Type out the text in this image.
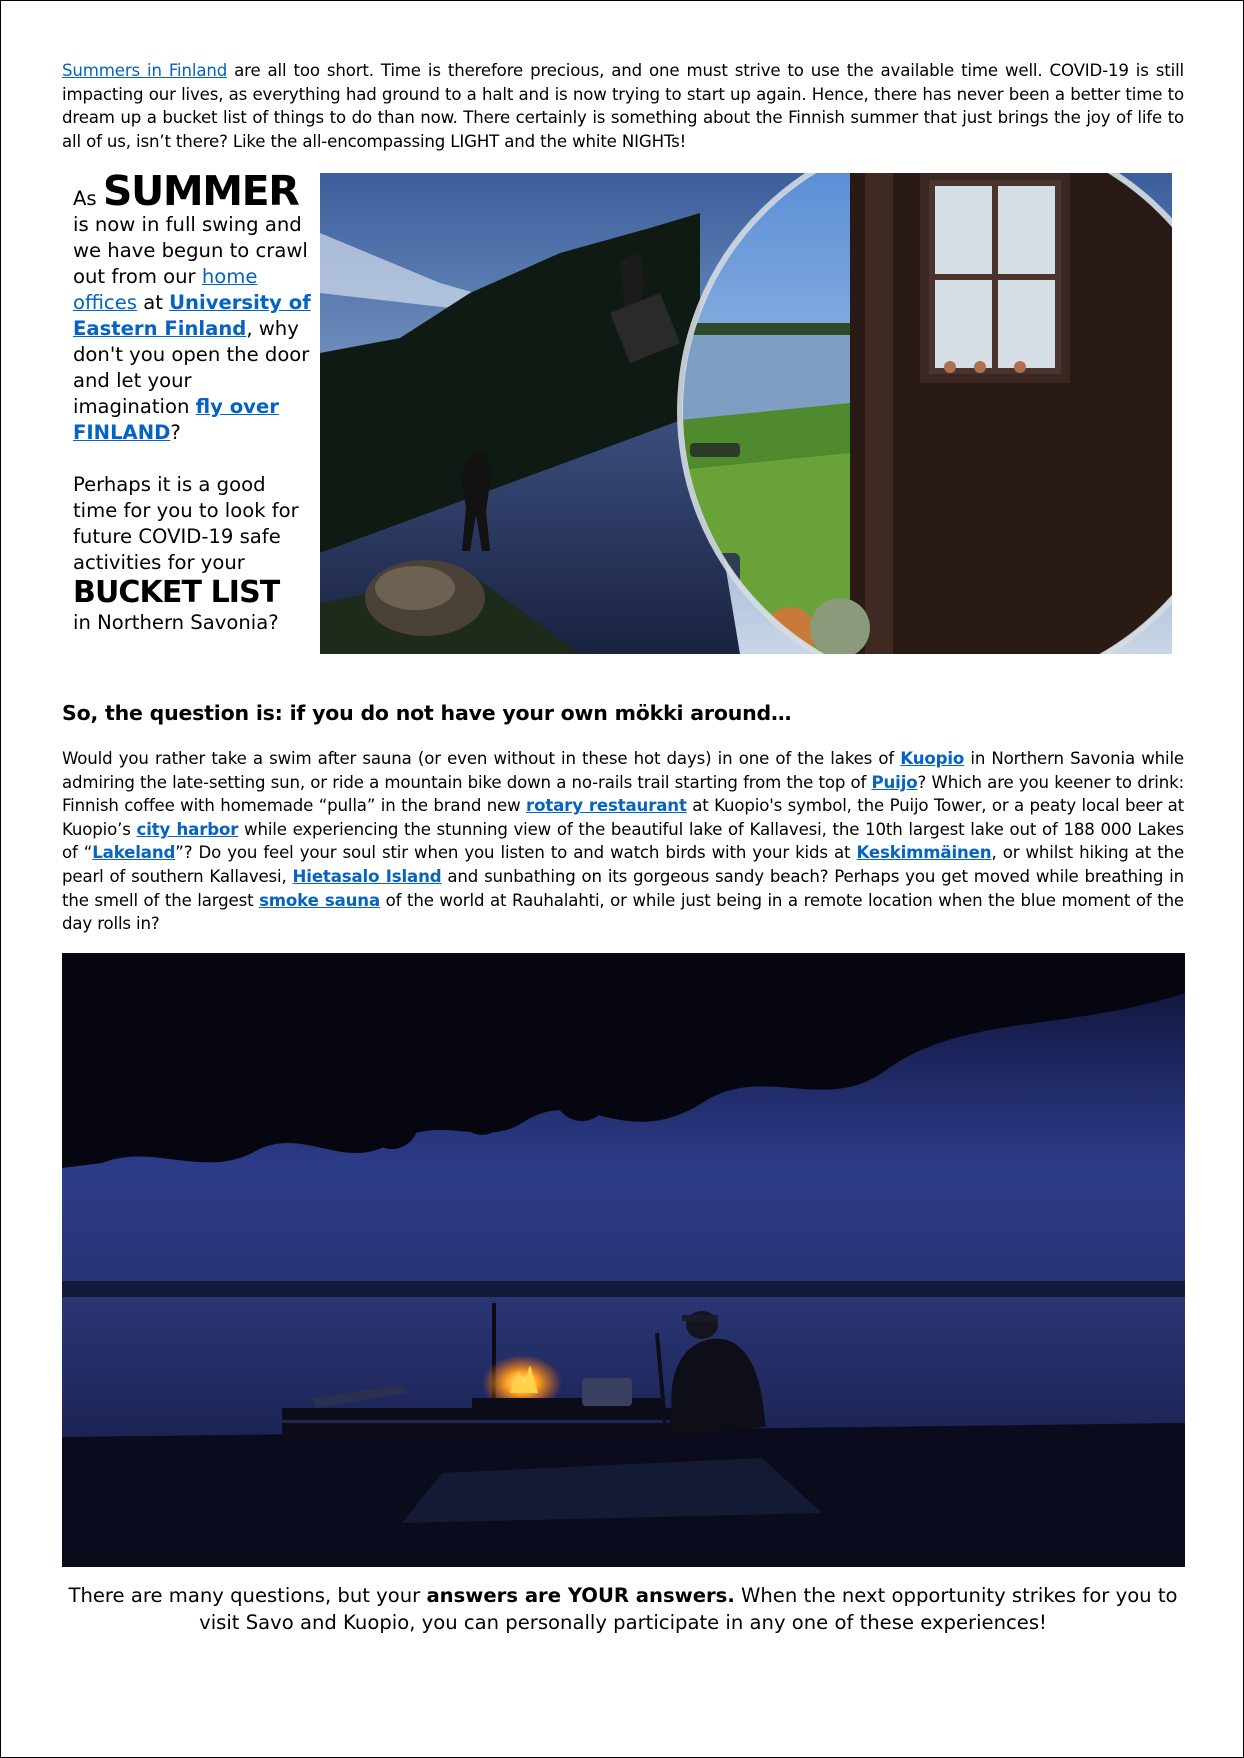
Summers in Finland are all too short. Time is therefore precious, and one must strive to use the available time well. COVID-19 is still impacting our lives, as everything had ground to a halt and is now trying to start up again. Hence, there has never been a better time to dream up a bucket list of things to do than now. There certainly is something about the Finnish summer that just brings the joy of life to all of us, isn’t there? Like the all-encompassing LIGHT and the white NIGHTs!

As SUMMER
is now in full swing and we have begun to crawl out from our home offices at University of Eastern Finland, why don't you open the door and let your imagination fly over FINLAND?
Perhaps it is a good time for you to look for future COVID-19 safe activities for your
BUCKET LIST
in Northern Savonia?

So, the question is: if you do not have your own mökki around…

Would you rather take a swim after sauna (or even without in these hot days) in one of the lakes of Kuopio in Northern Savonia while admiring the late-setting sun, or ride a mountain bike down a no-rails trail starting from the top of Puijo? Which are you keener to drink: Finnish coffee with homemade “pulla” in the brand new rotary restaurant at Kuopio's symbol, the Puijo Tower, or a peaty local beer at Kuopio’s city harbor while experiencing the stunning view of the beautiful lake of Kallavesi, the 10th largest lake out of 188 000 Lakes of “Lakeland”? Do you feel your soul stir when you listen to and watch birds with your kids at Keskimmäinen, or whilst hiking at the pearl of southern Kallavesi, Hietasalo Island and sunbathing on its gorgeous sandy beach? Perhaps you get moved while breathing in the smell of the largest smoke sauna of the world at Rauhalahti, or while just being in a remote location when the blue moment of the day rolls in?

There are many questions, but your answers are YOUR answers. When the next opportunity strikes for you to visit Savo and Kuopio, you can personally participate in any one of these experiences!
